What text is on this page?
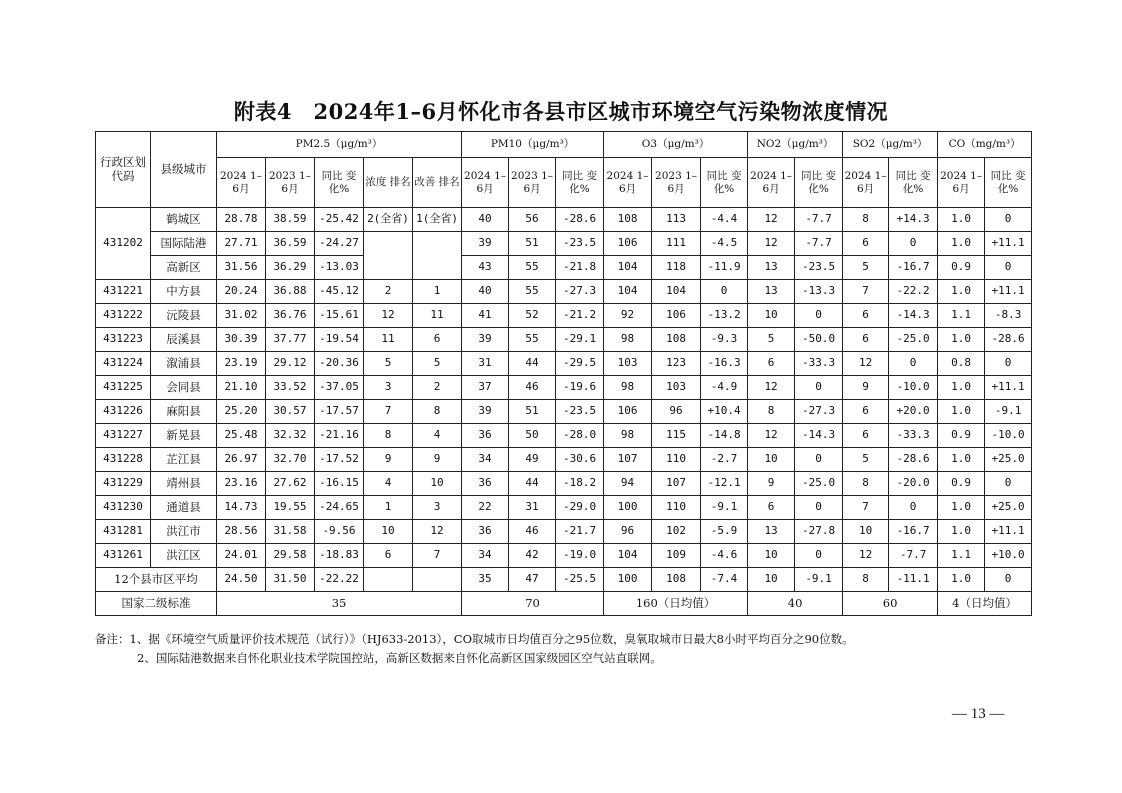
附表4　2024年1–6月怀化市各县市区城市环境空气污染物浓度情况
行政区划代码	县级城市	PM2.5（μg/m³）					PM10（μg/m³）			O3（μg/m³）			NO2（μg/m³）		SO2（μg/m³）		CO（mg/m³）	
		2024 1–6月	2023 1–6月	同比 变化%	浓度 排名	改善 排名	2024 1–6月	2023 1–6月	同比 变化%	2024 1–6月	2023 1–6月	同比 变化%	2024 1–6月	同比 变化%	2024 1–6月	同比 变化%	2024 1–6月	同比 变化%
431202	鹤城区	28.78	38.59	-25.42	2(全省)	1(全省)	40	56	-28.6	108	113	-4.4	12	-7.7	8	+14.3	1.0	0
	国际陆港	27.71	36.59	-24.27			39	51	-23.5	106	111	-4.5	12	-7.7	6	0	1.0	+11.1
	高新区	31.56	36.29	-13.03			43	55	-21.8	104	118	-11.9	13	-23.5	5	-16.7	0.9	0
431221	中方县	20.24	36.88	-45.12	2	1	40	55	-27.3	104	104	0	13	-13.3	7	-22.2	1.0	+11.1
431222	沅陵县	31.02	36.76	-15.61	12	11	41	52	-21.2	92	106	-13.2	10	0	6	-14.3	1.1	-8.3
431223	辰溪县	30.39	37.77	-19.54	11	6	39	55	-29.1	98	108	-9.3	5	-50.0	6	-25.0	1.0	-28.6
431224	溆浦县	23.19	29.12	-20.36	5	5	31	44	-29.5	103	123	-16.3	6	-33.3	12	0	0.8	0
431225	会同县	21.10	33.52	-37.05	3	2	37	46	-19.6	98	103	-4.9	12	0	9	-10.0	1.0	+11.1
431226	麻阳县	25.20	30.57	-17.57	7	8	39	51	-23.5	106	96	+10.4	8	-27.3	6	+20.0	1.0	-9.1
431227	新晃县	25.48	32.32	-21.16	8	4	36	50	-28.0	98	115	-14.8	12	-14.3	6	-33.3	0.9	-10.0
431228	芷江县	26.97	32.70	-17.52	9	9	34	49	-30.6	107	110	-2.7	10	0	5	-28.6	1.0	+25.0
431229	靖州县	23.16	27.62	-16.15	4	10	36	44	-18.2	94	107	-12.1	9	-25.0	8	-20.0	0.9	0
431230	通道县	14.73	19.55	-24.65	1	3	22	31	-29.0	100	110	-9.1	6	0	7	0	1.0	+25.0
431281	洪江市	28.56	31.58	-9.56	10	12	36	46	-21.7	96	102	-5.9	13	-27.8	10	-16.7	1.0	+11.1
431261	洪江区	24.01	29.58	-18.83	6	7	34	42	-19.0	104	109	-4.6	10	0	12	-7.7	1.1	+10.0
12个县市区平均		24.50	31.50	-22.22			35	47	-25.5	100	108	-7.4	10	-9.1	8	-11.1	1.0	0
国家二级标准		35					70			160（日均值）			40		60		4（日均值）	
备注：1、据《环境空气质量评价技术规范（试行）》（HJ633-2013），CO取城市日均值百分之95位数，臭氧取城市日最大8小时平均百分之90位数。
2、国际陆港数据来自怀化职业技术学院国控站，高新区数据来自怀化高新区国家级园区空气站直联网。
— 13 —
